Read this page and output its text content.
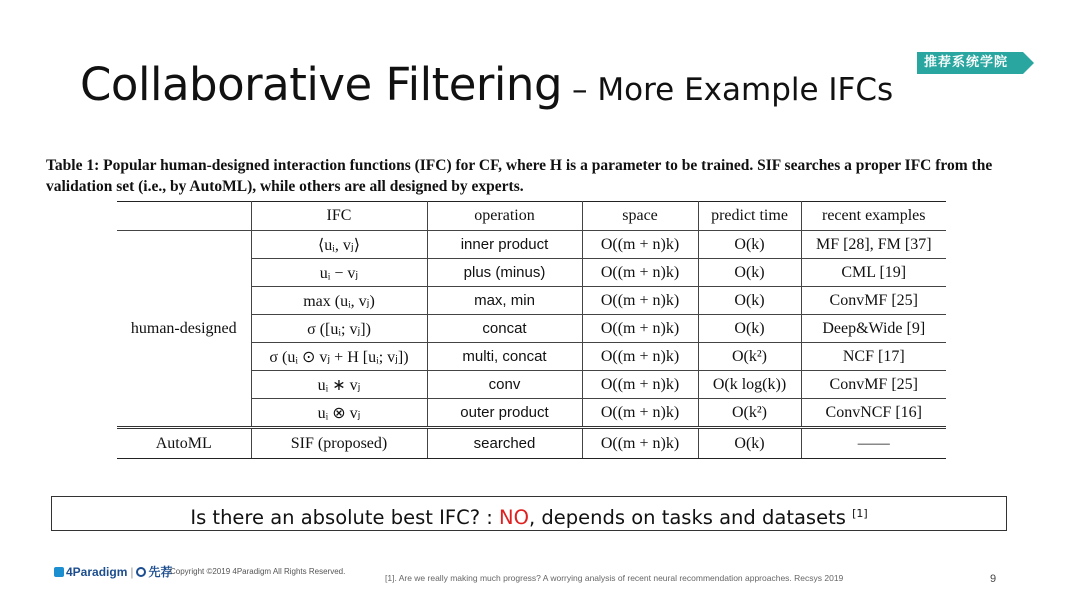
Collaborative Filtering – More Example IFCs
推荐系统学院
Table 1: Popular human-designed interaction functions (IFC) for CF, where H is a parameter to be trained. SIF searches a proper IFC from the validation set (i.e., by AutoML), while others are all designed by experts.
	IFC	operation	space	predict time	recent examples
human-designed	⟨uᵢ, vⱼ⟩	inner product	O((m + n)k)	O(k)	MF [28], FM [37]
	uᵢ − vⱼ	plus (minus)	O((m + n)k)	O(k)	CML [19]
	max (uᵢ, vⱼ)	max, min	O((m + n)k)	O(k)	ConvMF [25]
	σ ([uᵢ; vⱼ])	concat	O((m + n)k)	O(k)	Deep&Wide [9]
	σ (uᵢ ⊙ vⱼ + H [uᵢ; vⱼ])	multi, concat	O((m + n)k)	O(k²)	NCF [17]
	uᵢ ∗ vⱼ	conv	O((m + n)k)	O(k log(k))	ConvMF [25]
	uᵢ ⊗ vⱼ	outer product	O((m + n)k)	O(k²)	ConvNCF [16]
AutoML	SIF (proposed)	searched	O((m + n)k)	O(k)	——
Is there an absolute best IFC? : NO, depends on tasks and datasets [1]
4Paradigm | 先荐
Copyright ©2019 4Paradigm All Rights Reserved.
[1]. Are we really making much progress? A worrying analysis of recent neural recommendation approaches. Recsys 2019	9
